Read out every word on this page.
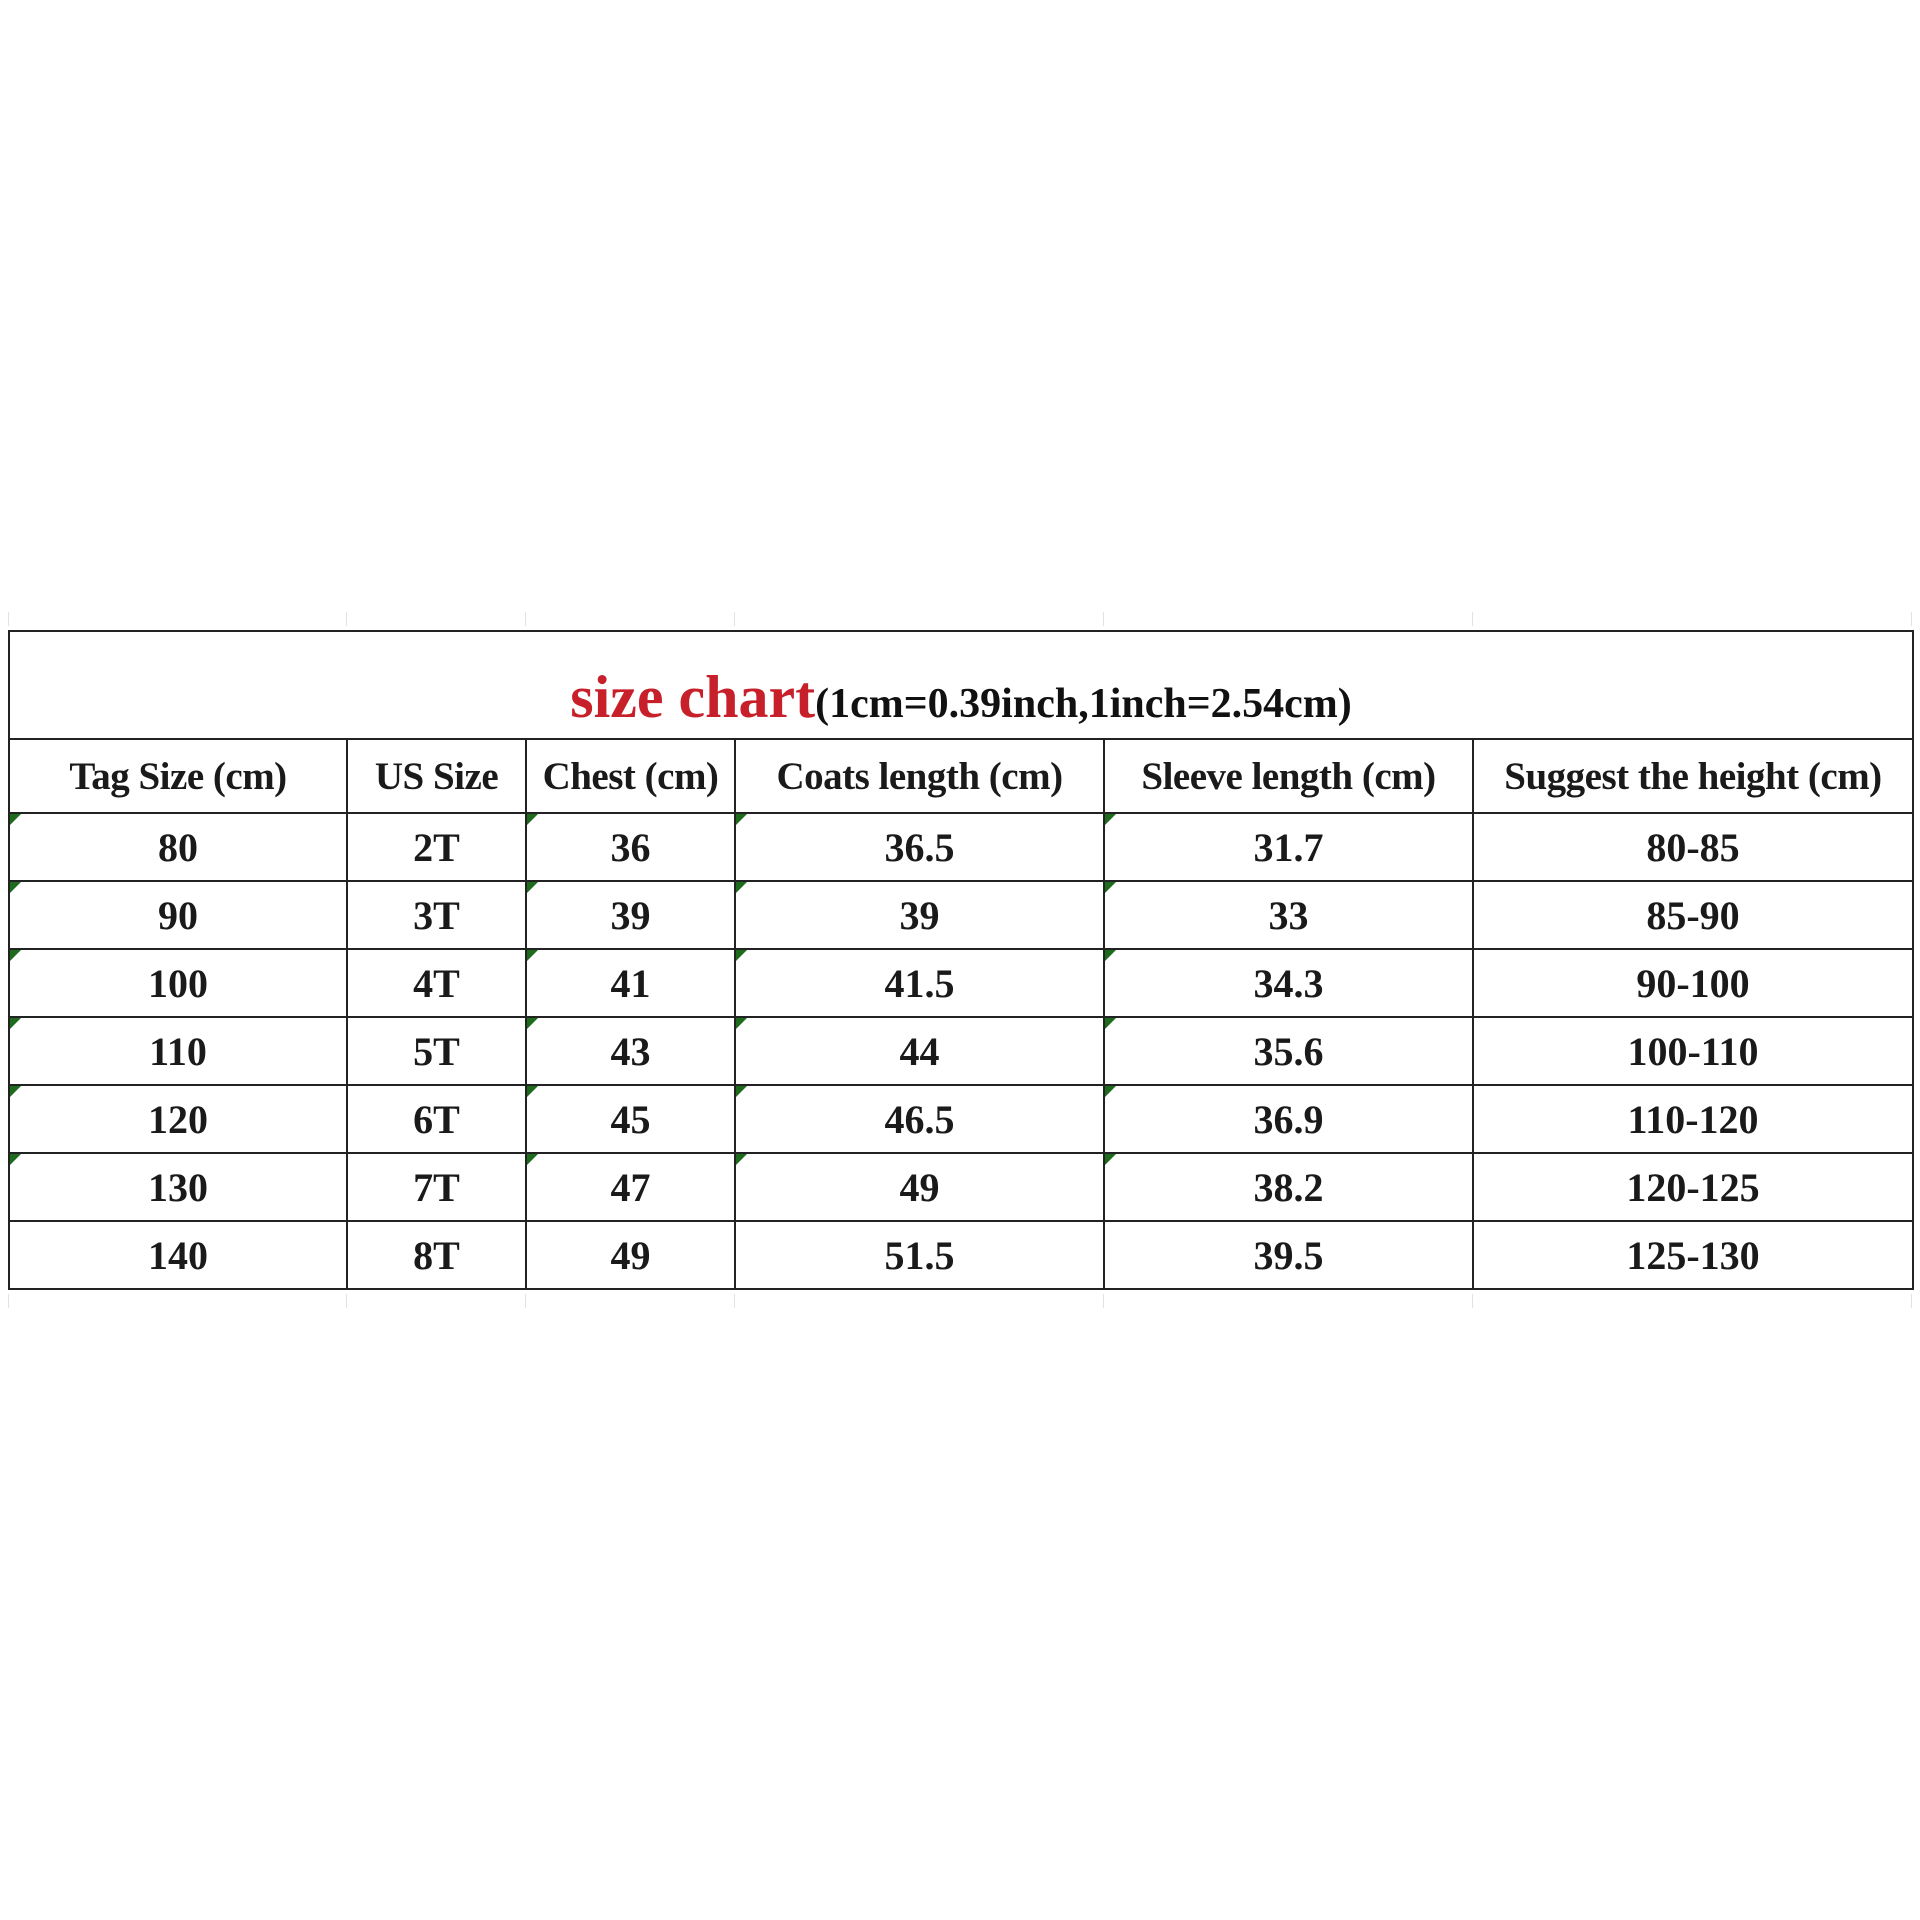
size chart(1cm=0.39inch,1inch=2.54cm)					
Tag Size (cm)	US Size	Chest (cm)	Coats length (cm)	Sleeve length (cm)	Suggest the height (cm)
80	2T	36	36.5	31.7	80-85
90	3T	39	39	33	85-90
100	4T	41	41.5	34.3	90-100
110	5T	43	44	35.6	100-110
120	6T	45	46.5	36.9	110-120
130	7T	47	49	38.2	120-125
140	8T	49	51.5	39.5	125-130
